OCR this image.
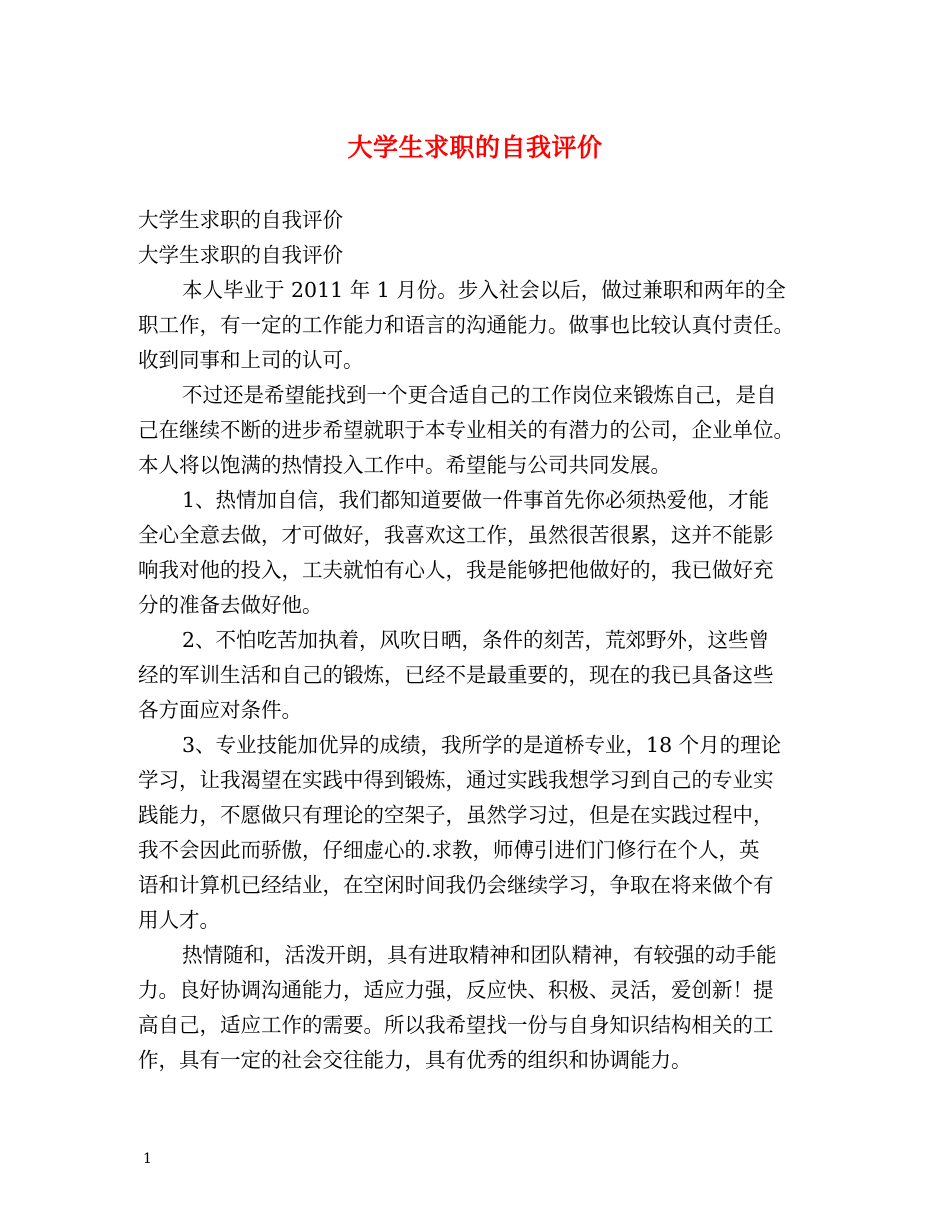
大学生求职的自我评价
大学生求职的自我评价
大学生求职的自我评价
本人毕业于 2011 年 1 月份。步入社会以后，做过兼职和两年的全
职工作，有一定的工作能力和语言的沟通能力。做事也比较认真付责任。
收到同事和上司的认可。
不过还是希望能找到一个更合适自己的工作岗位来锻炼自己，是自
己在继续不断的进步希望就职于本专业相关的有潜力的公司，企业单位。
本人将以饱满的热情投入工作中。希望能与公司共同发展。
1、热情加自信，我们都知道要做一件事首先你必须热爱他，才能
全心全意去做，才可做好，我喜欢这工作，虽然很苦很累，这并不能影
响我对他的投入，工夫就怕有心人，我是能够把他做好的，我已做好充
分的准备去做好他。
2、不怕吃苦加执着，风吹日晒，条件的刻苦，荒郊野外，这些曾
经的军训生活和自己的锻炼，已经不是最重要的，现在的我已具备这些
各方面应对条件。
3、专业技能加优异的成绩，我所学的是道桥专业，18 个月的理论
学习，让我渴望在实践中得到锻炼，通过实践我想学习到自己的专业实
践能力，不愿做只有理论的空架子，虽然学习过，但是在实践过程中，
我不会因此而骄傲，仔细虚心的.求教，师傅引进们门修行在个人，英
语和计算机已经结业，在空闲时间我仍会继续学习，争取在将来做个有
用人才。
热情随和，活泼开朗，具有进取精神和团队精神，有较强的动手能
力。良好协调沟通能力，适应力强，反应快、积极、灵活，爱创新！提
高自己，适应工作的需要。所以我希望找一份与自身知识结构相关的工
作，具有一定的社会交往能力，具有优秀的组织和协调能力。
1
